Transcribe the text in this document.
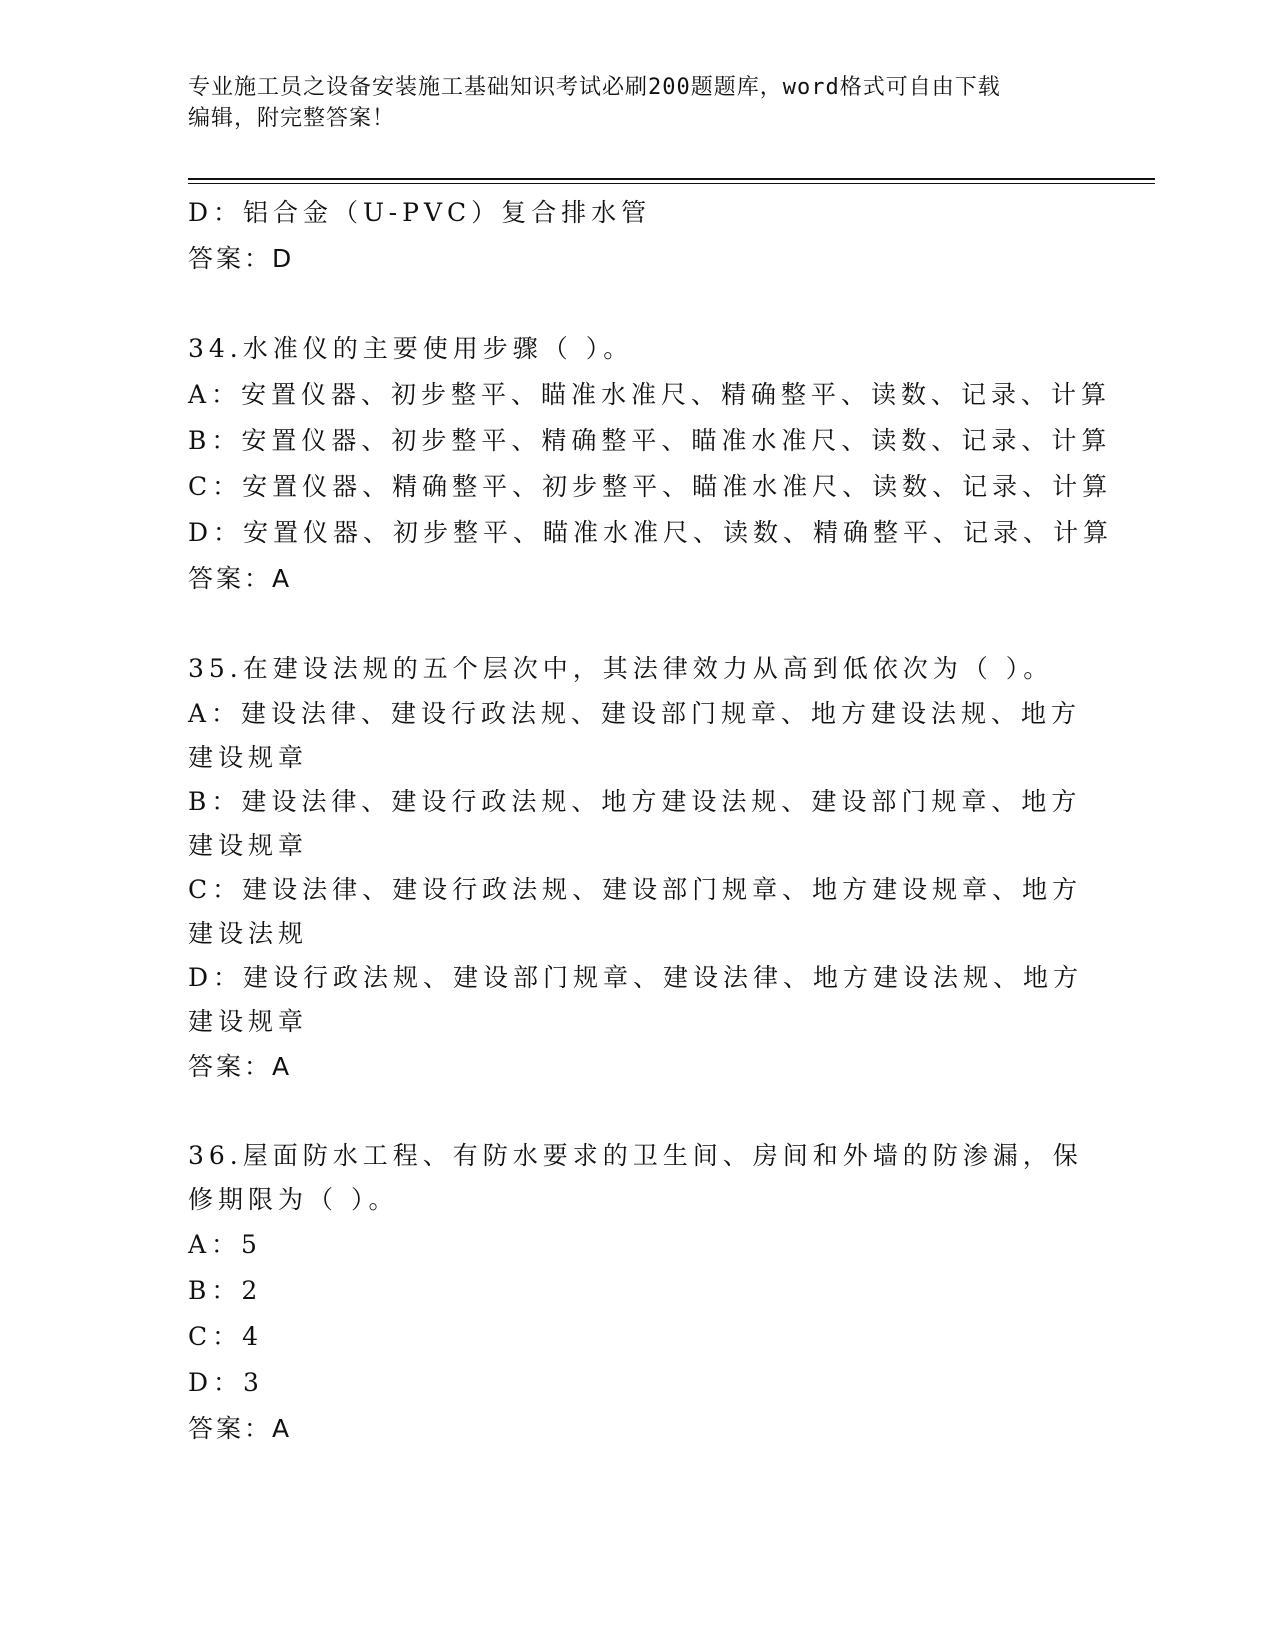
专业施工员之设备安装施工基础知识考试必刷200题题库，word格式可自由下载
编辑，附完整答案！
D：铝合金（U-PVC）复合排水管
答案：D
34.水准仪的主要使用步骤（ ）。
A：安置仪器、初步整平、瞄准水准尺、精确整平、读数、记录、计算
B：安置仪器、初步整平、精确整平、瞄准水准尺、读数、记录、计算
C：安置仪器、精确整平、初步整平、瞄准水准尺、读数、记录、计算
D：安置仪器、初步整平、瞄准水准尺、读数、精确整平、记录、计算
答案：A
35.在建设法规的五个层次中，其法律效力从高到低依次为（ ）。
A：建设法律、建设行政法规、建设部门规章、地方建设法规、地方建设规章
B：建设法律、建设行政法规、地方建设法规、建设部门规章、地方建设规章
C：建设法律、建设行政法规、建设部门规章、地方建设规章、地方建设法规
D：建设行政法规、建设部门规章、建设法律、地方建设法规、地方建设规章
答案：A
36.屋面防水工程、有防水要求的卫生间、房间和外墙的防渗漏，保修期限为（ ）。
A：5
B：2
C：4
D：3
答案：A
